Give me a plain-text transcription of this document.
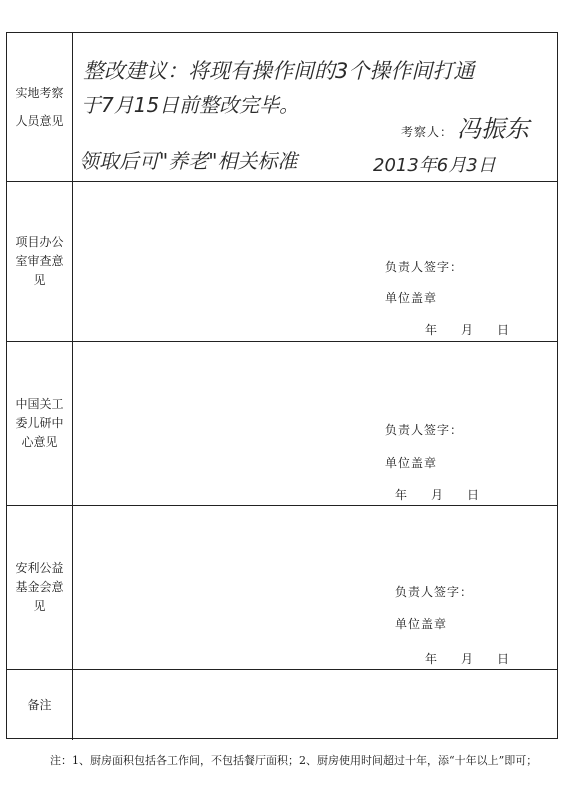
实地考察人员意见
整改建议：将现有操作间的3个操作间打通
于7月15日前整改完毕。
考察人： 冯振东
领取后可"养老"相关标准	2013年6月3日
项目办公室审查意见
负责人签字：
单位盖章
年 月 日
中国关工委儿研中心意见
负责人签字：
单位盖章
年 月 日
安利公益基金会意见
负责人签字：
单位盖章
年 月 日
备注
注：1、厨房面积包括各工作间，不包括餐厅面积；2、厨房使用时间超过十年，添“十年以上”即可；
